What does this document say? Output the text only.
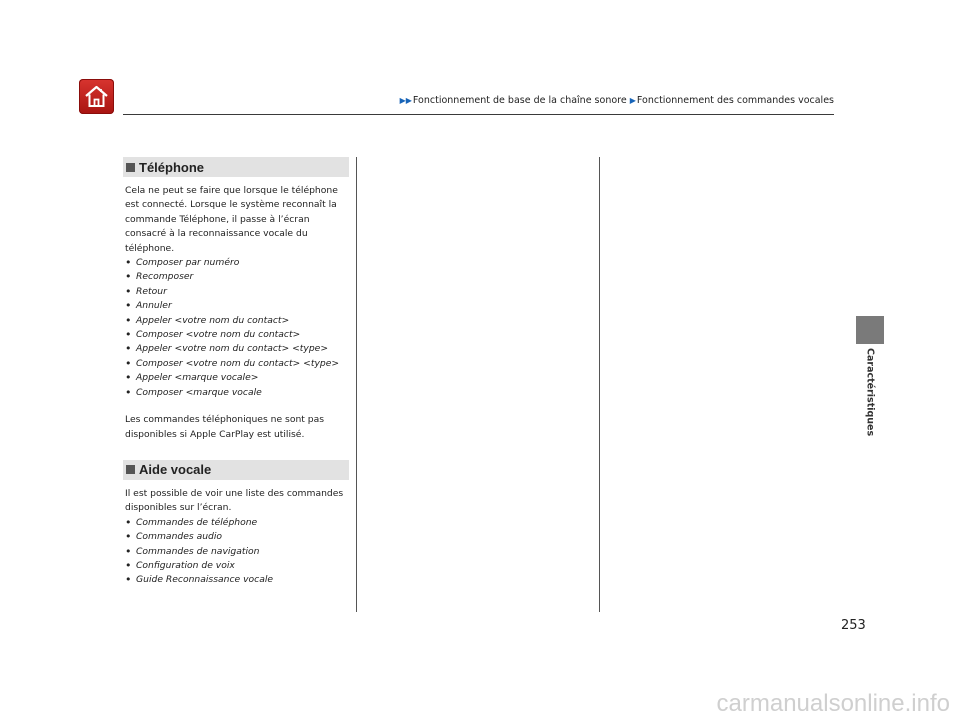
▶▶Fonctionnement de base de la chaîne sonore ▶Fonctionnement des commandes vocales
Téléphone
Cela ne peut se faire que lorsque le téléphone est connecté. Lorsque le système reconnaît la commande Téléphone, il passe à l’écran consacré à la reconnaissance vocale du téléphone.
• Composer par numéro
• Recomposer
• Retour
• Annuler
• Appeler <votre nom du contact>
• Composer <votre nom du contact>
• Appeler <votre nom du contact> <type>
• Composer <votre nom du contact> <type>
• Appeler <marque vocale>
• Composer <marque vocale
Les commandes téléphoniques ne sont pas disponibles si Apple CarPlay est utilisé.
Aide vocale
Il est possible de voir une liste des commandes disponibles sur l’écran.
• Commandes de téléphone
• Commandes audio
• Commandes de navigation
• Configuration de voix
• Guide Reconnaissance vocale
Caractéristiques
253
carmanualsonline.info
